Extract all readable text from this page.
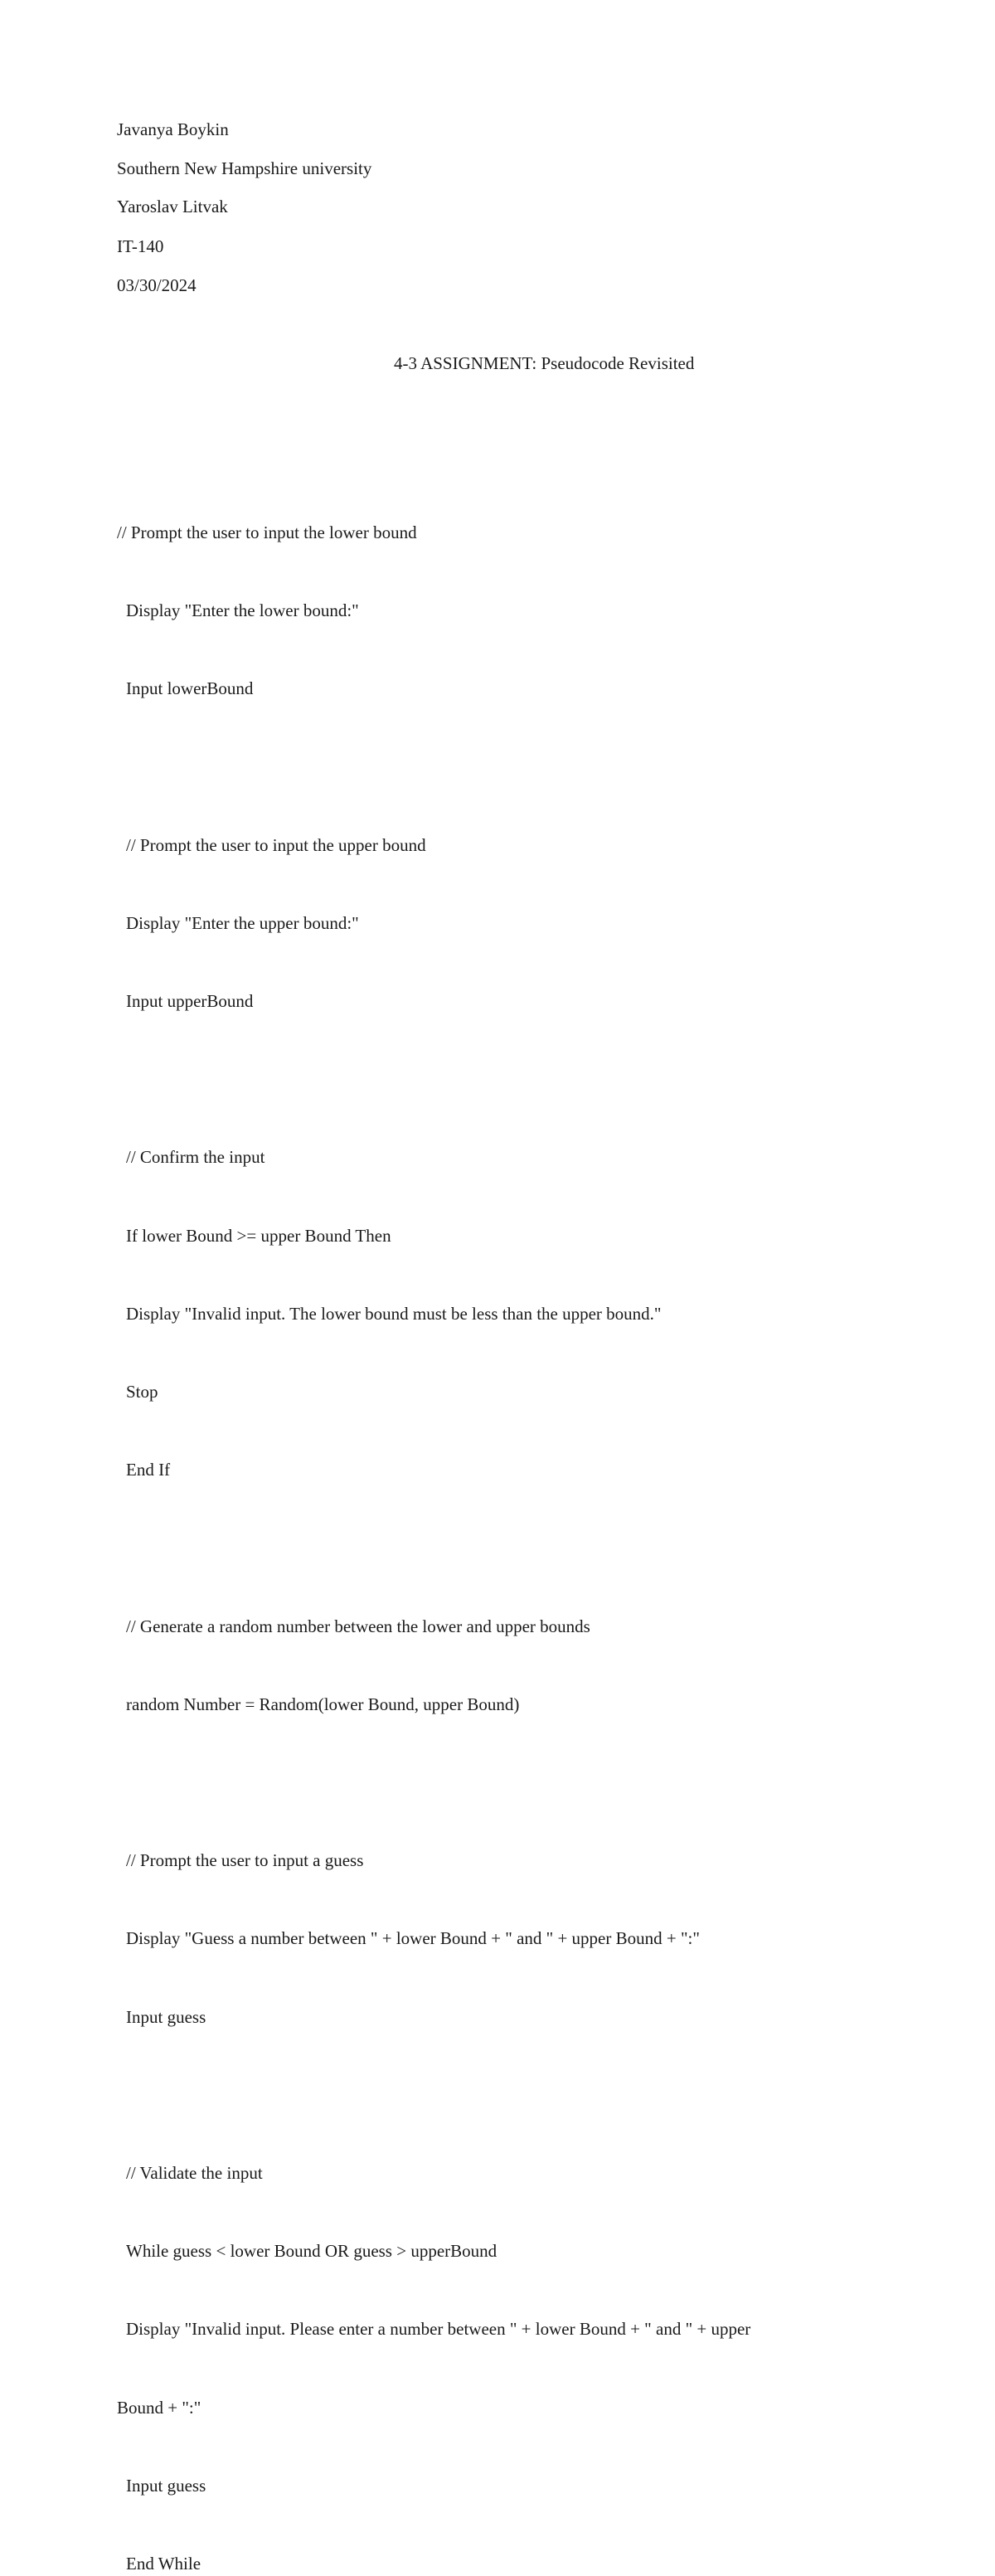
Javanya Boykin
Southern New Hampshire university
Yaroslav Litvak
IT-140
03/30/2024
4-3 ASSIGNMENT: Pseudocode Revisited

// Prompt the user to input the lower bound

Display "Enter the lower bound:"

Input lowerBound

// Prompt the user to input the upper bound

Display "Enter the upper bound:"

Input upperBound

// Confirm the input

If lower Bound >= upper Bound Then

Display "Invalid input. The lower bound must be less than the upper bound."

Stop

End If

// Generate a random number between the lower and upper bounds

random Number = Random(lower Bound, upper Bound)

// Prompt the user to input a guess

Display "Guess a number between " + lower Bound + " and " + upper Bound + ":"

Input guess

// Validate the input

While guess < lower Bound OR guess > upperBound

Display "Invalid input. Please enter a number between " + lower Bound + " and " + upper

Bound + ":"

Input guess

End While
